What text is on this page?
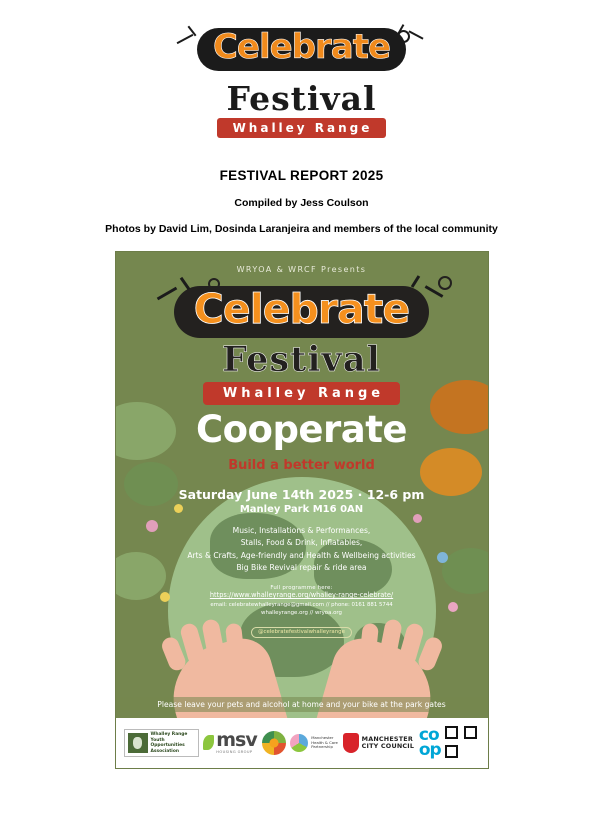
Celebrate
Festival
Whalley Range
FESTIVAL REPORT 2025
Compiled by Jess Coulson
Photos by David Lim, Dosinda Laranjeira and members of the local community
WRYOA & WRCF Presents
Celebrate
Festival
Whalley Range
Cooperate
Build a better world
Saturday June 14th 2025 · 12-6 pm
Manley Park M16 0AN
Music, Installations & Performances,
Stalls, Food & Drink, Inflatables,
Arts & Crafts, Age-friendly and Health & Wellbeing activities
Big Bike Revival repair & ride area
Full programme here:
https://www.whalleyrange.org/whalley-range-celebrate/
email: celebratewhalleyrange@gmail.com // phone: 0161 881 5744
whalleyrange.org // wryoa.org
@celebratefestivalwhalleyrange
Please leave your pets and alcohol at home and your bike at the park gates
Whalley Range
Youth Opportunities
Association	msv
HOUSING GROUP
Manchester
Health & Care
Partnership
MANCHESTER
CITY COUNCIL
co
op
